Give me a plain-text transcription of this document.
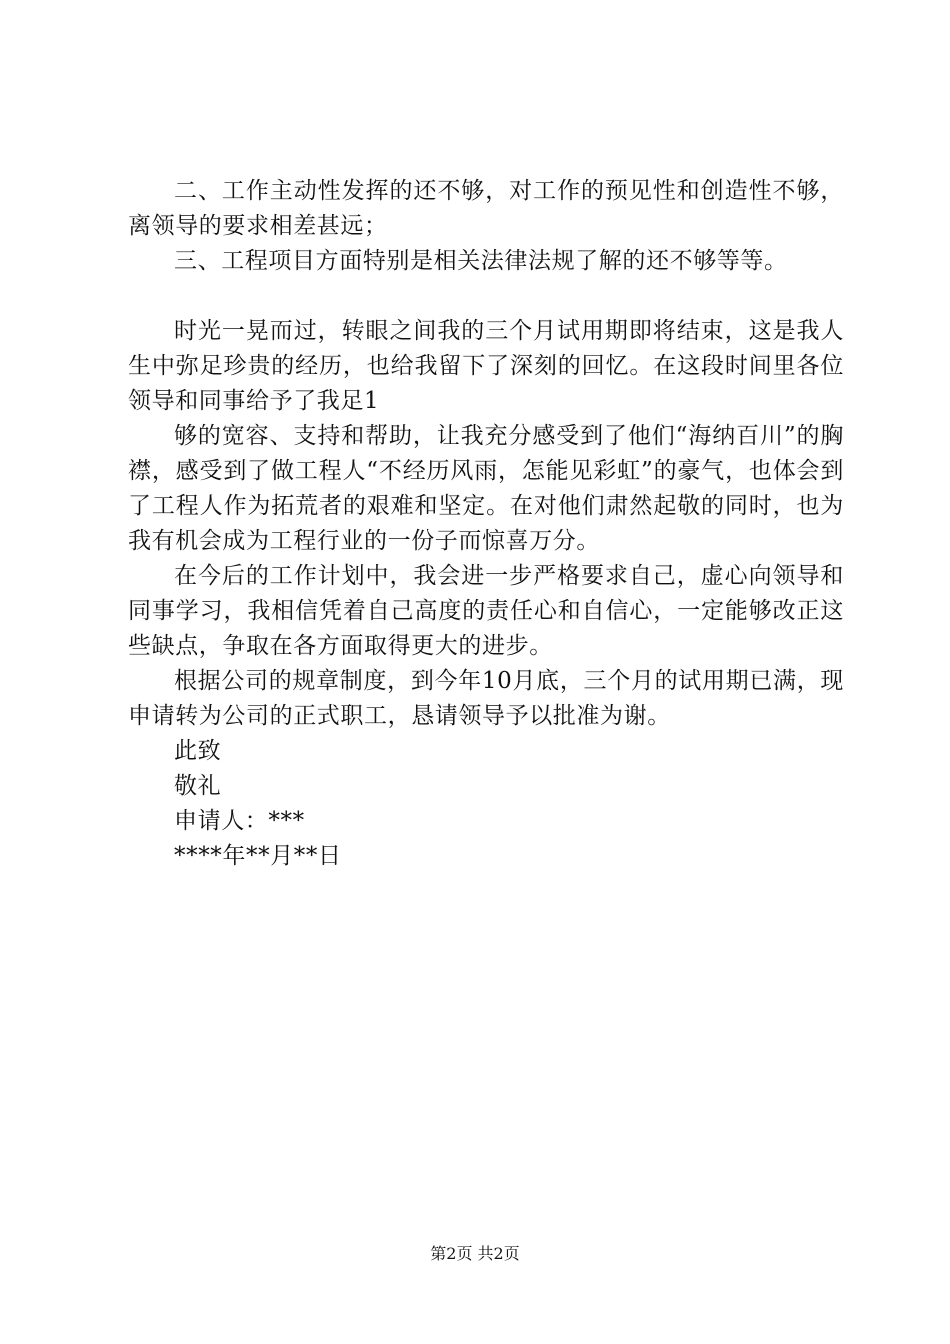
二、工作主动性发挥的还不够，对工作的预见性和创造性不够，离领导的要求相差甚远；

三、工程项目方面特别是相关法律法规了解的还不够等等。

时光一晃而过，转眼之间我的三个月试用期即将结束，这是我人生中弥足珍贵的经历，也给我留下了深刻的回忆。在这段时间里各位领导和同事给予了我足1

够的宽容、支持和帮助，让我充分感受到了他们“海纳百川”的胸襟，感受到了做工程人“不经历风雨，怎能见彩虹”的豪气，也体会到了工程人作为拓荒者的艰难和坚定。在对他们肃然起敬的同时，也为我有机会成为工程行业的一份子而惊喜万分。

在今后的工作计划中，我会进一步严格要求自己，虚心向领导和同事学习，我相信凭着自己高度的责任心和自信心，一定能够改正这些缺点，争取在各方面取得更大的进步。

根据公司的规章制度，到今年10月底，三个月的试用期已满，现申请转为公司的正式职工，恳请领导予以批准为谢。

此致

敬礼

申请人：***

****年**月**日

第2页 共2页
